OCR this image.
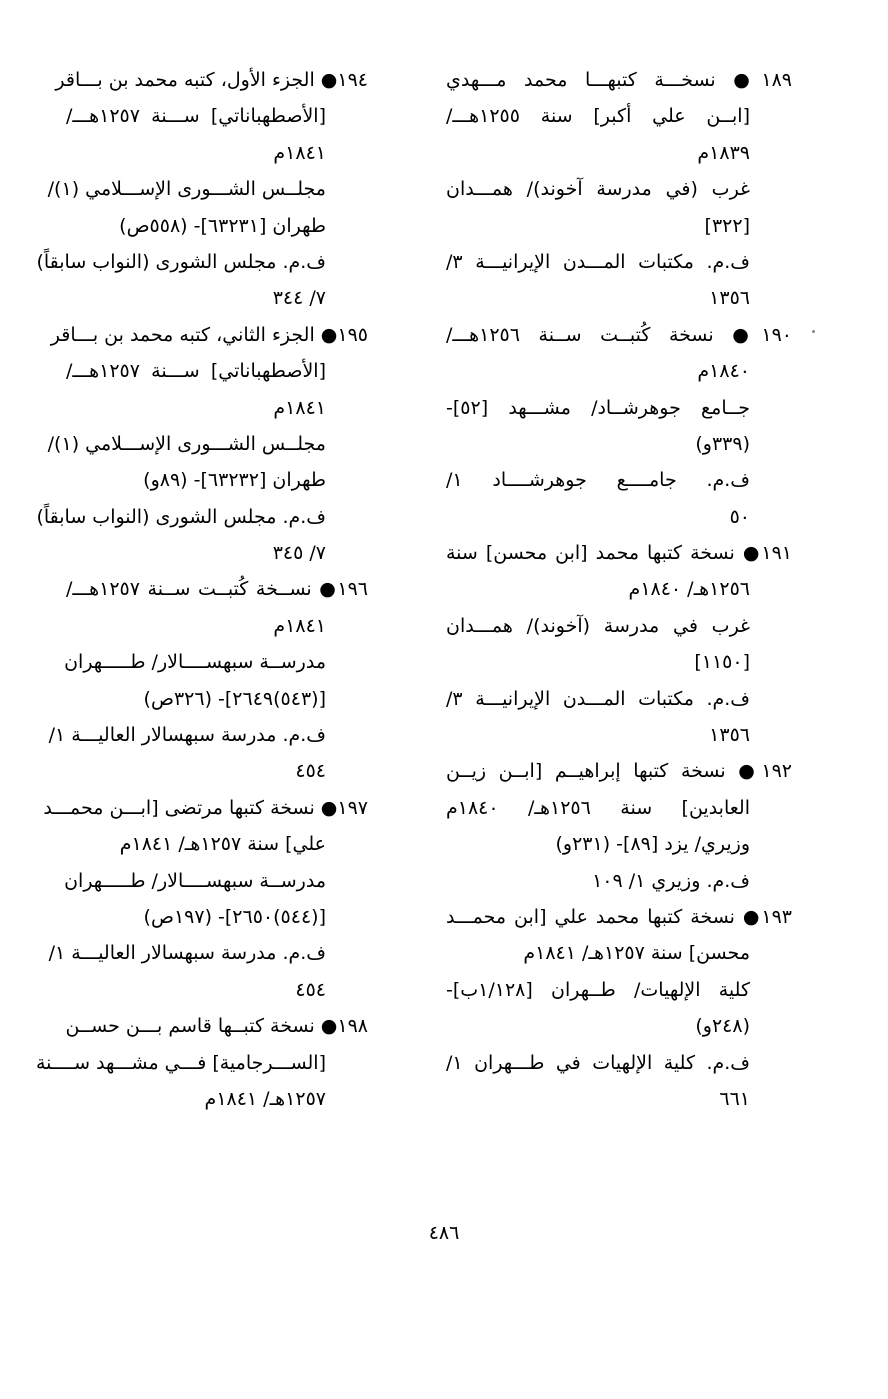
١٨٩● نسخـــة كتبهـــا محمد مـــهدي
[ابــن علي أكبر] سنة ١٢٥٥هـــ/
١٨٣٩م
غرب (في مدرسة آخوند)/ همـــدان
[٣٢٢]
ف.م. مكتبات المـــدن الإيرانيـــة ٣/
١٣٥٦
١٩٠● نسخة كُتبــت ســنة ١٢٥٦هـــ/
١٨٤٠م
جــامع جوهرشــاد/ مشـــهد [٥٢]-
(٣٣٩و)
ف.م. جامــــع جوهرشــــاد ١/
٥٠
١٩١● نسخة كتبها محمد [ابن محسن] سنة
١٢٥٦هـ/ ١٨٤٠م
غرب في مدرسة (آخوند)/ همـــدان
[١١٥٠]
ف.م. مكتبات المـــدن الإيرانيـــة ٣/
١٣٥٦
١٩٢● نسخة كتبها إبراهيــم [ابــن زيــن
العابدين] سنة ١٢٥٦هـ/ ١٨٤٠م
وزيري/ يزد [٨٩]- (٢٣١و)
ف.م. وزيري ١/ ١٠٩
١٩٣● نسخة كتبها محمد علي [ابن محمـــد
محسن] سنة ١٢٥٧هـ/ ١٨٤١م
كلية الإلهيات/ طــهران [١/١٢٨ب]-
(٢٤٨و)
ف.م. كلية الإلهيات في طـــهران ١/
٦٦١
١٩٤● الجزء الأول، كتبه محمد بن بـــاقر
[الأصطهباناتي] ســـنة ١٢٥٧هـــ/
١٨٤١م
مجلــس الشـــورى الإســـلامي (١)/
طهران [٦٣٢٣١]- (٥٥٨ص)
ف.م. مجلس الشورى (النواب سابقاً)
٧/ ٣٤٤
١٩٥● الجزء الثاني، كتبه محمد بن بـــاقر
[الأصطهباناتي] ســـنة ١٢٥٧هـــ/
١٨٤١م
مجلــس الشـــورى الإســـلامي (١)/
طهران [٦٣٢٣٢]- (٨٩و)
ف.م. مجلس الشورى (النواب سابقاً)
٧/ ٣٤٥
١٩٦● نســخة كُتبــت ســنة ١٢٥٧هـــ/
١٨٤١م
مدرســة سبهســــالار/ طـــــهران
[(٥٤٣)٢٦٤٩]- (٣٢٦ص)
ف.م. مدرسة سبهسالار العاليـــة ١/
٤٥٤
١٩٧● نسخة كتبها مرتضى [ابـــن محمـــد
علي] سنة ١٢٥٧هـ/ ١٨٤١م
مدرســة سبهســــالار/ طـــــهران
[(٥٤٤)٢٦٥٠]- (١٩٧ص)
ف.م. مدرسة سبهسالار العاليـــة ١/
٤٥٤
١٩٨● نسخة كتبــها قاسم بـــن حســن
[الســـرجامية] فـــي مشـــهد ســــنة
١٢٥٧هـ/ ١٨٤١م
٤٨٦
